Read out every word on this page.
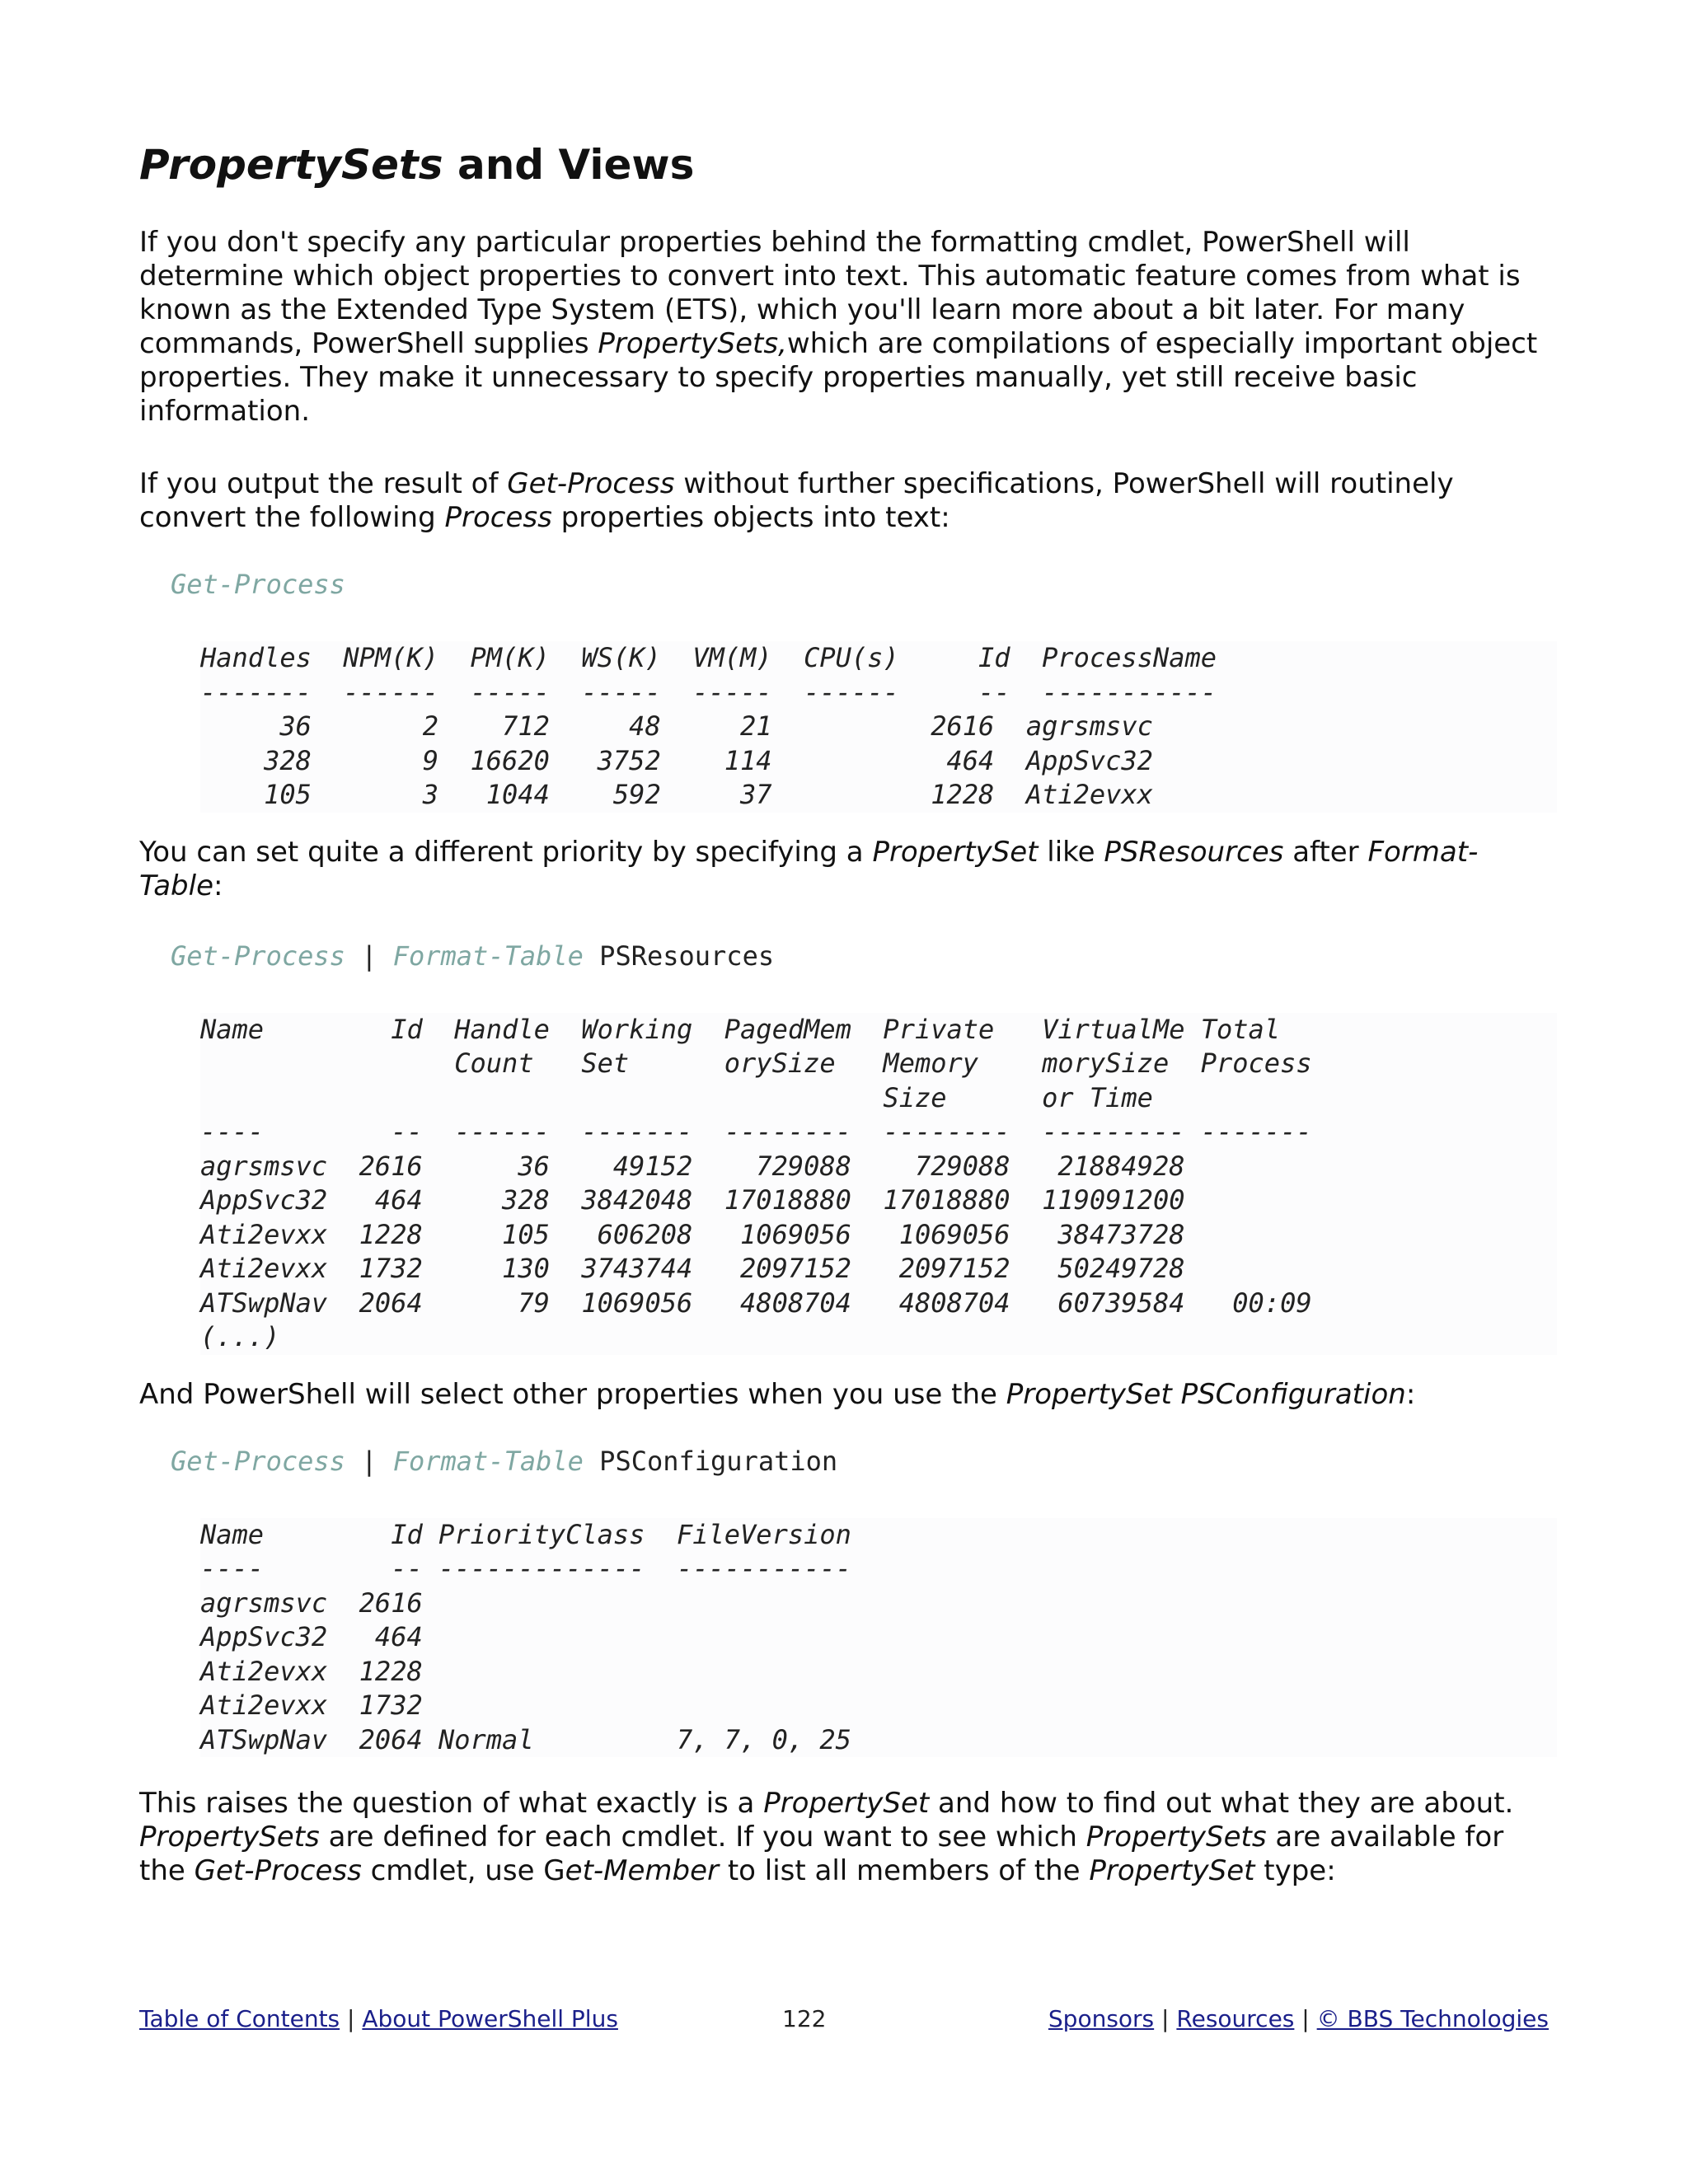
PropertySets and Views

If you don't specify any particular properties behind the formatting cmdlet, PowerShell will determine which object properties to convert into text. This automatic feature comes from what is known as the Extended Type System (ETS), which you'll learn more about a bit later. For many commands, PowerShell supplies PropertySets,which are compilations of especially important object properties. They make it unnecessary to specify properties manually, yet still receive basic information.

If you output the result of Get-Process without further specifications, PowerShell will routinely convert the following Process properties objects into text:

Get-Process
Handles  NPM(K)  PM(K)  WS(K)  VM(M)  CPU(s)     Id  ProcessName
-------  ------  -----  -----  -----  ------     --  -----------
36       2    712     48     21          2616  agrsmsvc
328       9  16620   3752    114           464  AppSvc32
105       3   1044    592     37          1228  Ati2evxx

You can set quite a different priority by specifying a PropertySet like PSResources after Format-Table:

Get-Process | Format-Table PSResources
Name        Id  Handle  Working  PagedMem  Private   VirtualMe Total
Count   Set      orySize   Memory    morySize  Process
Size      or Time
----        --  ------  -------  --------  --------  --------- -------
agrsmsvc  2616      36    49152    729088    729088   21884928
AppSvc32   464     328  3842048  17018880  17018880  119091200
Ati2evxx  1228     105   606208   1069056   1069056   38473728
Ati2evxx  1732     130  3743744   2097152   2097152   50249728
ATSwpNav  2064      79  1069056   4808704   4808704   60739584   00:09
(...)

And PowerShell will select other properties when you use the PropertySet PSConfiguration:

Get-Process | Format-Table PSConfiguration
Name        Id PriorityClass  FileVersion
----        -- -------------  -----------
agrsmsvc  2616
AppSvc32   464
Ati2evxx  1228
Ati2evxx  1732
ATSwpNav  2064 Normal         7, 7, 0, 25

This raises the question of what exactly is a PropertySet and how to find out what they are about. PropertySets are defined for each cmdlet. If you want to see which PropertySets are available for the Get-Process cmdlet, use Get-Member to list all members of the PropertySet type:

Table of Contents | About PowerShell Plus	122	Sponsors | Resources | © BBS Technologies
